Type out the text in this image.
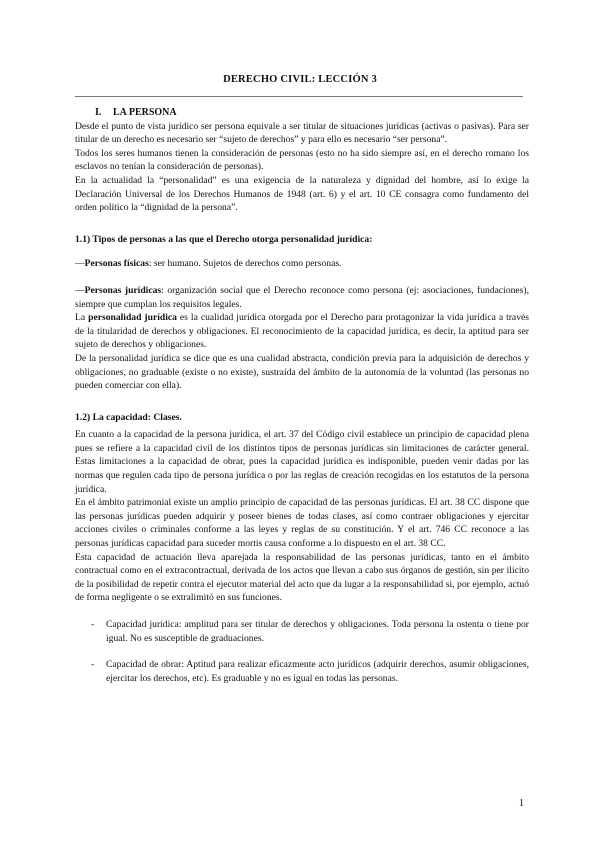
DERECHO CIVIL: LECCIÓN 3

I. LA PERSONA

Desde el punto de vista jurídico ser persona equivale a ser titular de situaciones jurídicas (activas o pasivas). Para ser titular de un derecho es necesario ser “sujeto de derechos” y para ello es necesario “ser persona”.

Todos los seres humanos tienen la consideración de personas (esto no ha sido siempre así, en el derecho romano los esclavos no tenían la consideración de personas).

En la actualidad la “personalidad” es una exigencia de la naturaleza y dignidad del hombre, así lo exige la Declaración Universal de los Derechos Humanos de 1948 (art. 6) y el art. 10 CE consagra como fundamento del orden político la “dignidad de la persona”.

1.1) Tipos de personas a las que el Derecho otorga personalidad jurídica:

—Personas físicas: ser humano. Sujetos de derechos como personas.

—Personas jurídicas: organización social que el Derecho reconoce como persona (ej: asociaciones, fundaciones), siempre que cumplan los requisitos legales.

La personalidad jurídica es la cualidad jurídica otorgada por el Derecho para protagonizar la vida jurídica a través de la titularidad de derechos y obligaciones. El reconocimiento de la capacidad jurídica, es decir, la aptitud para ser sujeto de derechos y obligaciones.

De la personalidad jurídica se dice que es una cualidad abstracta, condición previa para la adquisición de derechos y obligaciones, no graduable (existe o no existe), sustraída del ámbito de la autonomía de la voluntad (las personas no pueden comerciar con ella).

1.2) La capacidad: Clases.

En cuanto a la capacidad de la persona jurídica, el art. 37 del Código civil establece un principio de capacidad plena pues se refiere a la capacidad civil de los distintos tipos de personas jurídicas sin limitaciones de carácter general. Estas limitaciones a la capacidad de obrar, pues la capacidad jurídica es indisponible, pueden venir dadas por las normas que regulen cada tipo de persona jurídica o por las reglas de creación recogidas en los estatutos de la persona jurídica.

En el ámbito patrimonial existe un amplio principio de capacidad de las personas jurídicas. El art. 38 CC dispone que las personas jurídicas pueden adquirir y poseer bienes de todas clases, así como contraer obligaciones y ejercitar acciones civiles o criminales conforme a las leyes y reglas de su constitución. Y el art. 746 CC reconoce a las personas jurídicas capacidad para suceder mortis causa conforme a lo dispuesto en el art. 38 CC.

Esta capacidad de actuación lleva aparejada la responsabilidad de las personas jurídicas, tanto en el ámbito contractual como en el extracontractual, derivada de los actos que llevan a cabo sus órganos de gestión, sin per ilicito de la posibilidad de repetir contra el ejecutor material del acto que da lugar a la responsabilidad si, por ejemplo, actuó de forma negligente o se extralimitó en sus funciones.

- Capacidad jurídica: amplitud para ser titular de derechos y obligaciones. Toda persona la ostenta o tiene por igual. No es susceptible de graduaciones.

- Capacidad de obrar: Aptitud para realizar eficazmente acto jurídicos (adquirir derechos, asumir obligaciones, ejercitar los derechos, etc). Es graduable y no es igual en todas las personas.

1
